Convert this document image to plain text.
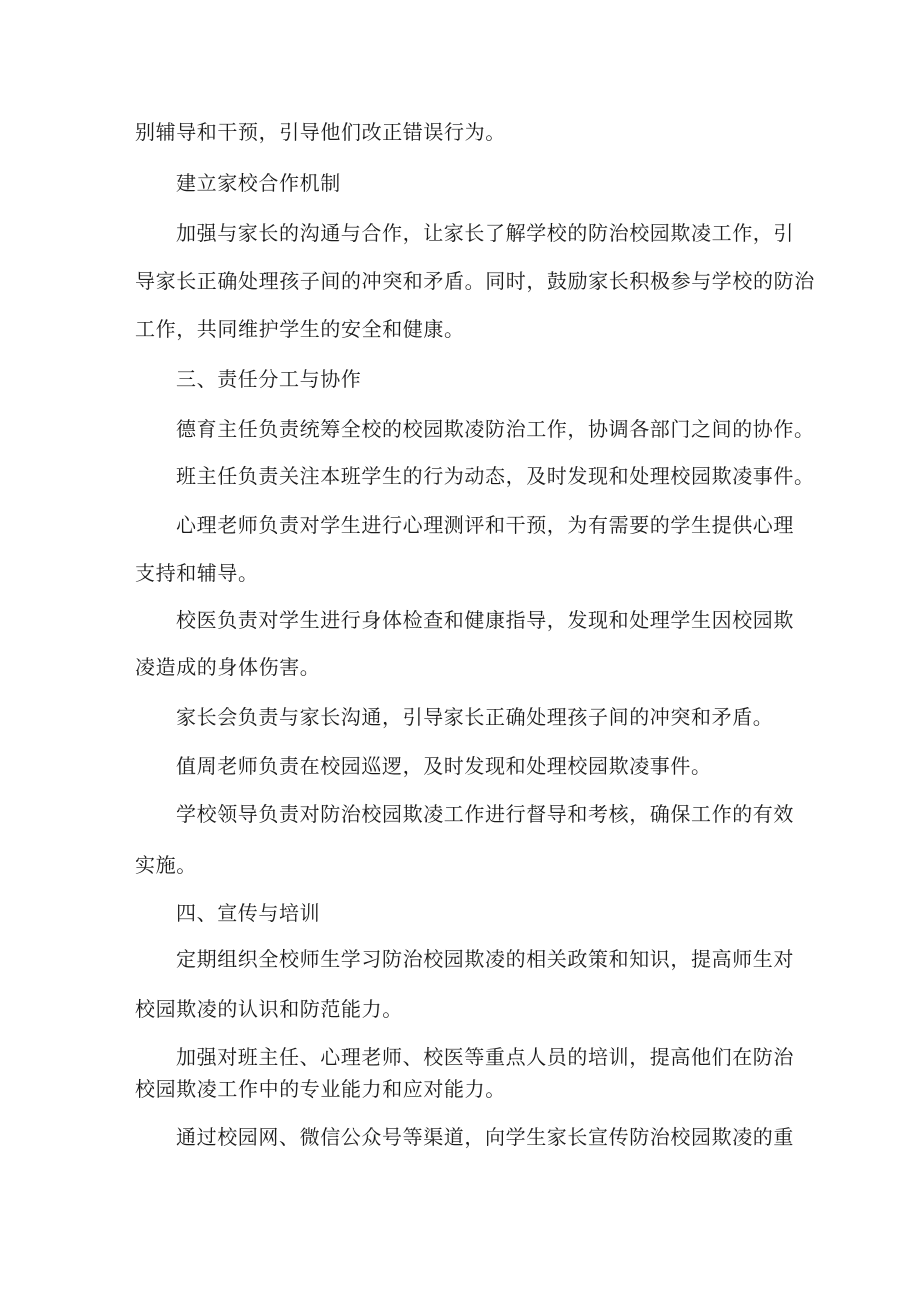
别辅导和干预，引导他们改正错误行为。
建立家校合作机制
加强与家长的沟通与合作，让家长了解学校的防治校园欺凌工作，引
导家长正确处理孩子间的冲突和矛盾。同时，鼓励家长积极参与学校的防治
工作，共同维护学生的安全和健康。
三、责任分工与协作
德育主任负责统筹全校的校园欺凌防治工作，协调各部门之间的协作。
班主任负责关注本班学生的行为动态，及时发现和处理校园欺凌事件。
心理老师负责对学生进行心理测评和干预，为有需要的学生提供心理
支持和辅导。
校医负责对学生进行身体检查和健康指导，发现和处理学生因校园欺
凌造成的身体伤害。
家长会负责与家长沟通，引导家长正确处理孩子间的冲突和矛盾。
值周老师负责在校园巡逻，及时发现和处理校园欺凌事件。
学校领导负责对防治校园欺凌工作进行督导和考核，确保工作的有效
实施。
四、宣传与培训
定期组织全校师生学习防治校园欺凌的相关政策和知识，提高师生对
校园欺凌的认识和防范能力。
加强对班主任、心理老师、校医等重点人员的培训，提高他们在防治
校园欺凌工作中的专业能力和应对能力。
通过校园网、微信公众号等渠道，向学生家长宣传防治校园欺凌的重
